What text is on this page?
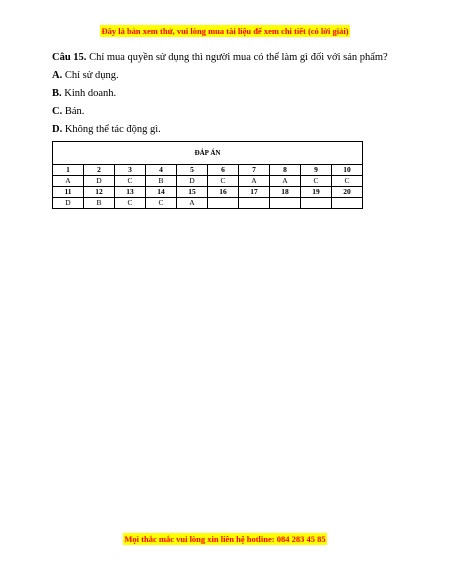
Đây là bản xem thử, vui lòng mua tài liệu để xem chi tiết (có lời giải)

Câu 15. Chỉ mua quyền sử dụng thì người mua có thể làm gì đối với sản phẩm?

A. Chỉ sử dụng.

B. Kinh doanh.

C. Bán.

D. Không thể tác động gì.

ĐÁP ÁN									
1	2	3	4	5	6	7	8	9	10
A	D	C	B	D	C	A	A	C	C
11	12	13	14	15	16	17	18	19	20
D	B	C	C	A					
Mọi thắc mắc vui lòng xin liên hệ hotline: 084 283 45 85
